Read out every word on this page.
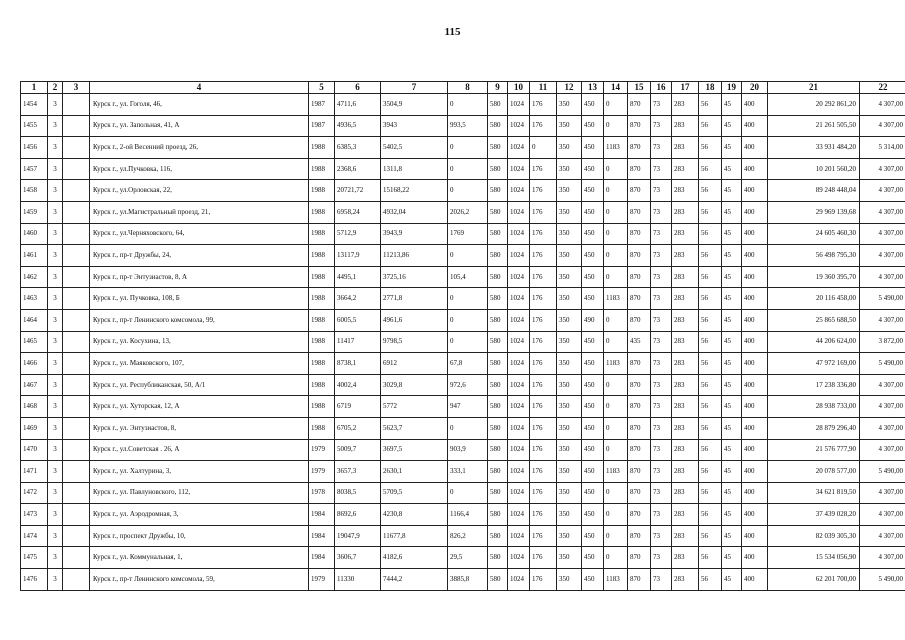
115
1	2	3	4	5	6	7	8	9	10	11	12	13	14	15	16	17	18	19	20	21	22
1454	3		Курск г., ул. Гоголя, 46,	1987	4711,6	3504,9	0	580	1024	176	350	450	0	870	73	283	56	45	400	20 292 861,20	4 307,00
1455	3		Курск г., ул. Запольная, 41, А	1987	4936,5	3943	993,5	580	1024	176	350	450	0	870	73	283	56	45	400	21 261 505,50	4 307,00
1456	3		Курск г., 2-ой Весенний проезд, 26,	1988	6385,3	5402,5	0	580	1024	0	350	450	1183	870	73	283	56	45	400	33 931 484,20	5 314,00
1457	3		Курск г., ул.Пучковка, 116,	1988	2368,6	1311,8	0	580	1024	176	350	450	0	870	73	283	56	45	400	10 201 560,20	4 307,00
1458	3		Курск г., ул.Орловская, 22,	1988	20721,72	15168,22	0	580	1024	176	350	450	0	870	73	283	56	45	400	89 248 448,04	4 307,00
1459	3		Курск г., ул.Магистральный проезд, 21,	1988	6958,24	4932,04	2026,2	580	1024	176	350	450	0	870	73	283	56	45	400	29 969 139,68	4 307,00
1460	3		Курск г., ул.Черняховского, 64,	1988	5712,9	3943,9	1769	580	1024	176	350	450	0	870	73	283	56	45	400	24 605 460,30	4 307,00
1461	3		Курск г., пр-т Дружбы, 24,	1988	13117,9	11213,86	0	580	1024	176	350	450	0	870	73	283	56	45	400	56 498 795,30	4 307,00
1462	3		Курск г., пр-т Энтузиастов, 8, А	1988	4495,1	3725,16	105,4	580	1024	176	350	450	0	870	73	283	56	45	400	19 360 395,70	4 307,00
1463	3		Курск г., ул. Пучковка, 108, Б	1988	3664,2	2771,8	0	580	1024	176	350	450	1183	870	73	283	56	45	400	20 116 458,00	5 490,00
1464	3		Курск г., пр-т Ленинского комсомола, 99,	1988	6005,5	4961,6	0	580	1024	176	350	490	0	870	73	283	56	45	400	25 865 688,50	4 307,00
1465	3		Курск г., ул. Косухина, 13,	1988	11417	9798,5	0	580	1024	176	350	450	0	435	73	283	56	45	400	44 206 624,00	3 872,00
1466	3		Курск г., ул. Маяковского, 107,	1988	8738,1	6912	67,8	580	1024	176	350	450	1183	870	73	283	56	45	400	47 972 169,00	5 490,00
1467	3		Курск г., ул. Республиканская, 50, А/1	1988	4002,4	3029,8	972,6	580	1024	176	350	450	0	870	73	283	56	45	400	17 238 336,80	4 307,00
1468	3		Курск г., ул. Хуторская, 12, А	1988	6719	5772	947	580	1024	176	350	450	0	870	73	283	56	45	400	28 938 733,00	4 307,00
1469	3		Курск г., ул. Энтузиастов, 8,	1988	6705,2	5623,7	0	580	1024	176	350	450	0	870	73	283	56	45	400	28 879 296,40	4 307,00
1470	3		Курск г., ул.Советская . 26, А	1979	5009,7	3697,5	903,9	580	1024	176	350	450	0	870	73	283	56	45	400	21 576 777,90	4 307,00
1471	3		Курск г., ул. Халтурина, 3,	1979	3657,3	2630,1	333,1	580	1024	176	350	450	1183	870	73	283	56	45	400	20 078 577,00	5 490,00
1472	3		Курск г., ул. Павлуновского, 112,	1978	8038,5	5709,5	0	580	1024	176	350	450	0	870	73	283	56	45	400	34 621 819,50	4 307,00
1473	3		Курск г., ул. Аэродромная, 3,	1984	8692,6	4230,8	1166,4	580	1024	176	350	450	0	870	73	283	56	45	400	37 439 028,20	4 307,00
1474	3		Курск г., проспект Дружбы, 10,	1984	19047,9	11677,8	826,2	580	1024	176	350	450	0	870	73	283	56	45	400	82 039 305,30	4 307,00
1475	3		Курск г., ул. Коммунальная, 1,	1984	3606,7	4182,6	29,5	580	1024	176	350	450	0	870	73	283	56	45	400	15 534 056,90	4 307,00
1476	3		Курск г., пр-т Ленинского комсомола, 59,	1979	11330	7444,2	3885,8	580	1024	176	350	450	1183	870	73	283	56	45	400	62 201 700,00	5 490,00
